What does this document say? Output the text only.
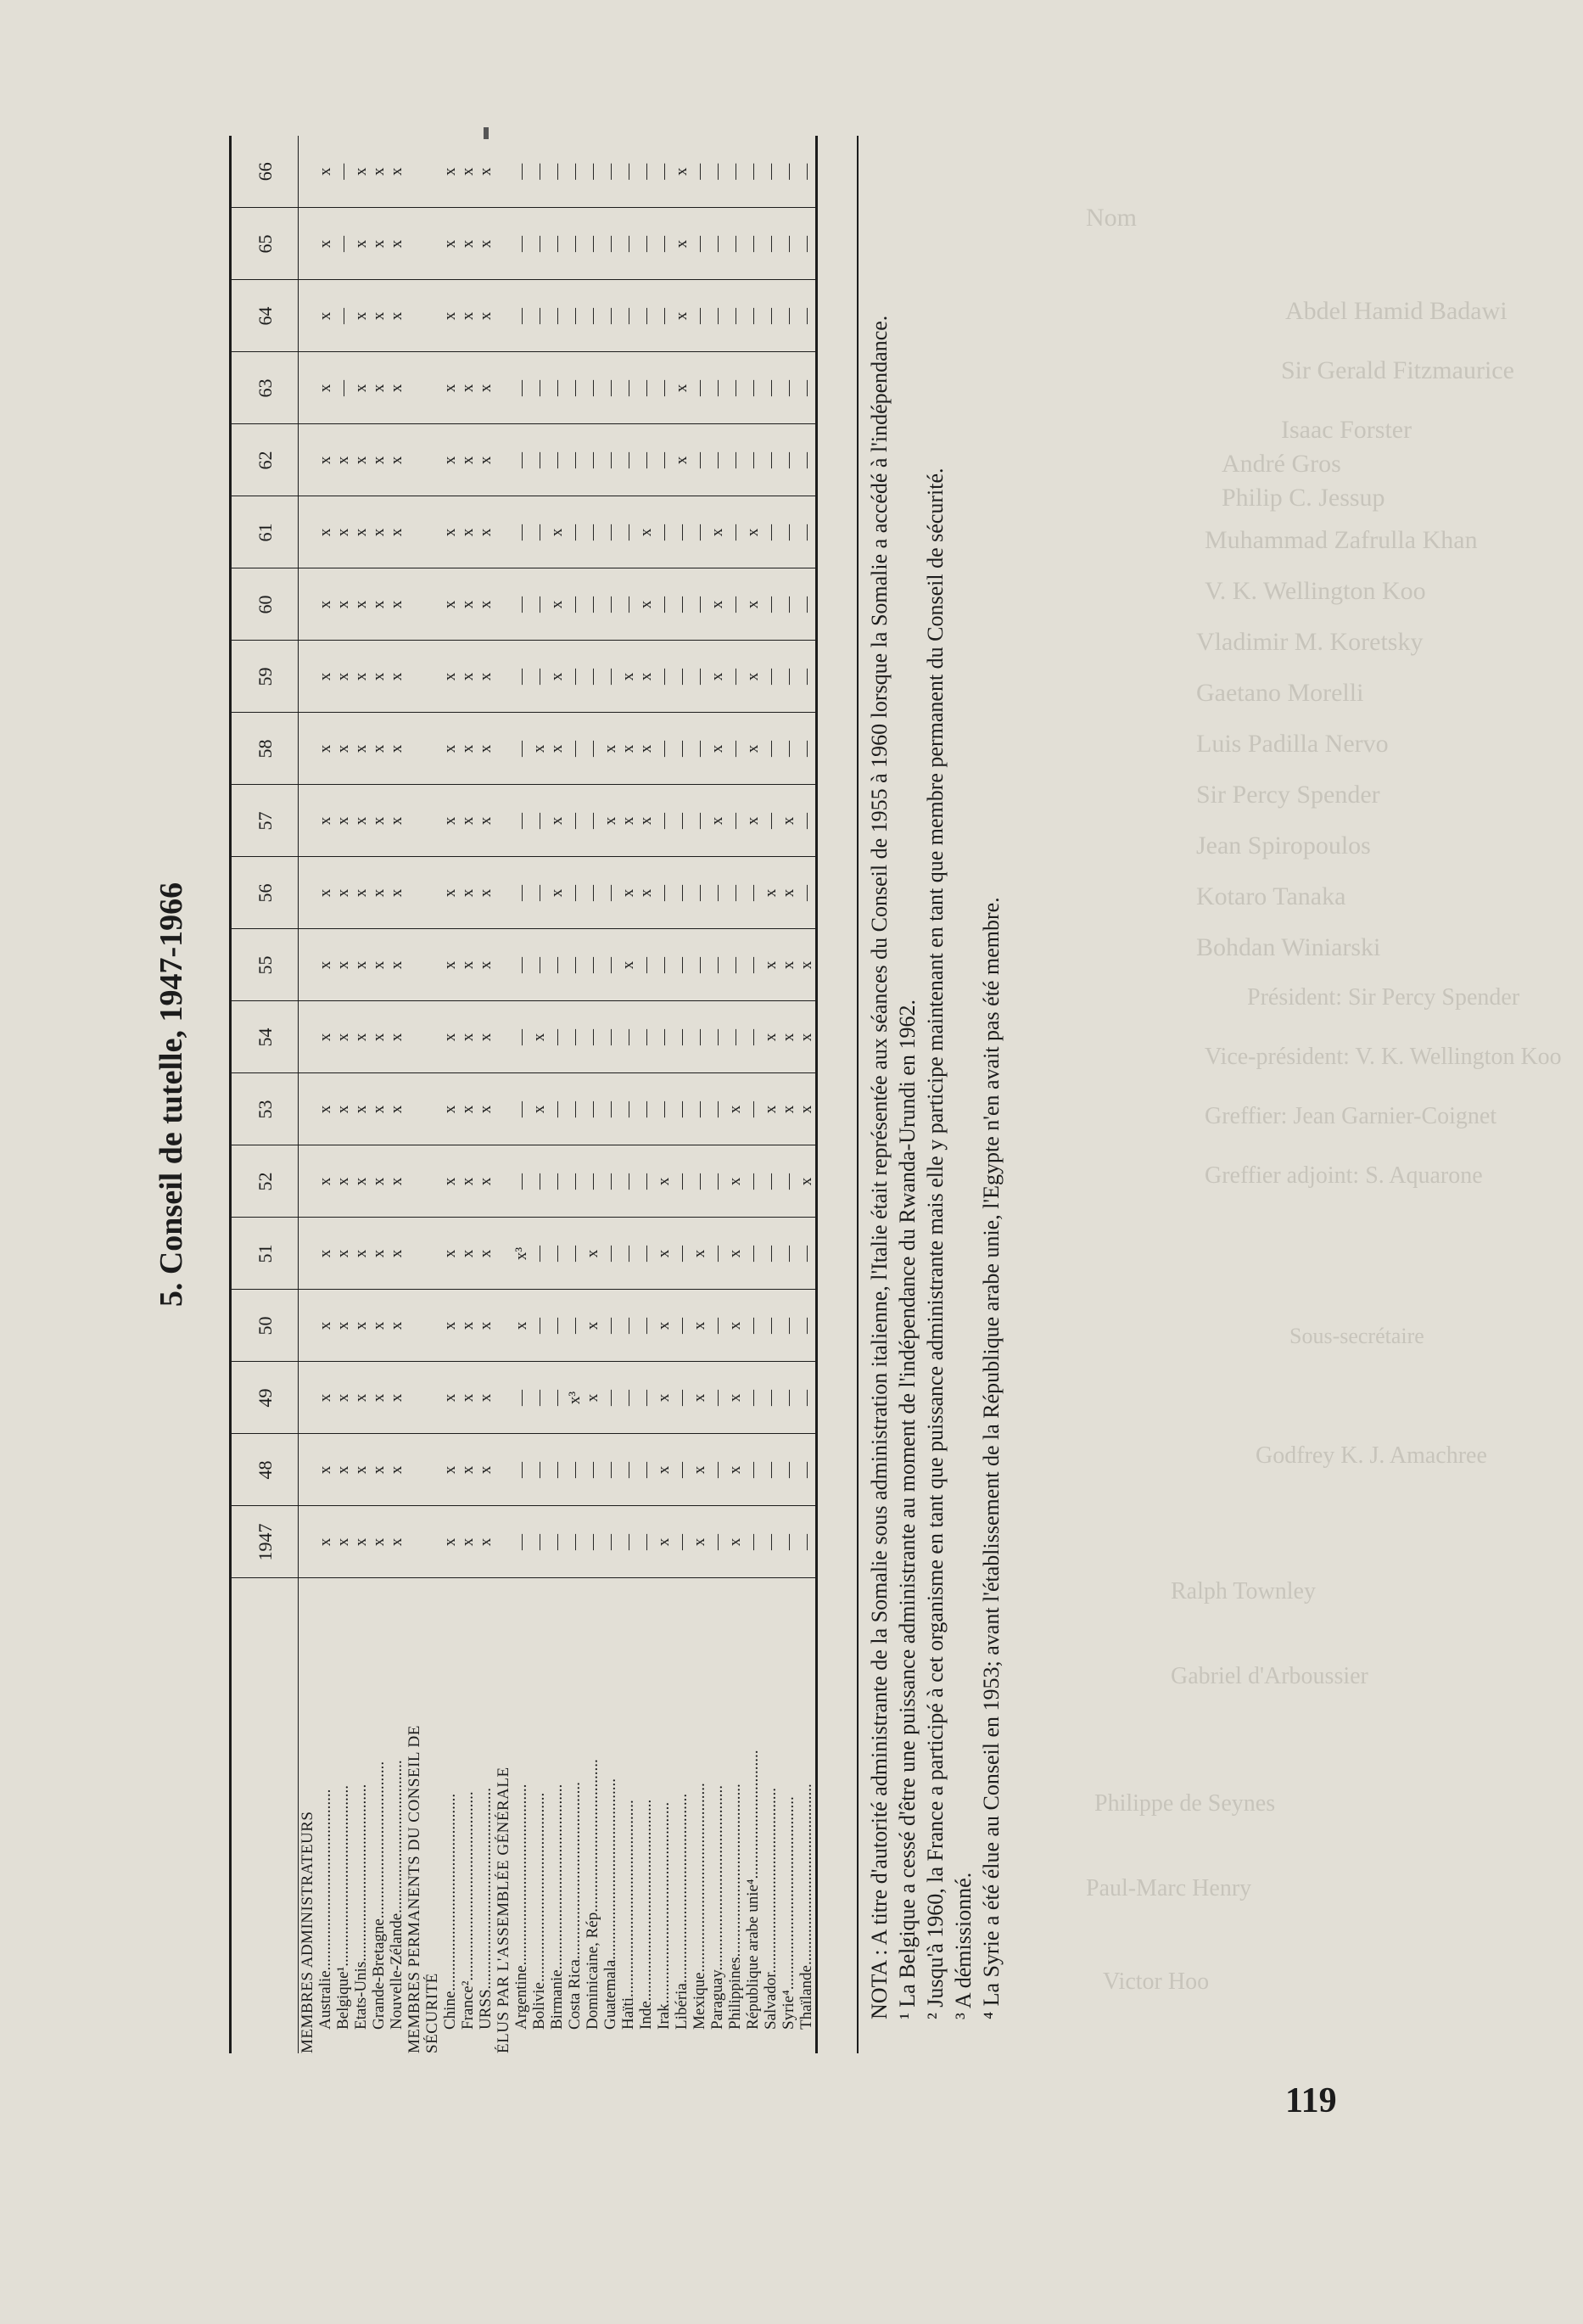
Nom
Abdel Hamid Badawi
Sir Gerald Fitzmaurice
Isaac Forster
André Gros
Philip C. Jessup
Muhammad Zafrulla Khan
V. K. Wellington Koo
Vladimir M. Koretsky
Gaetano Morelli
Luis Padilla Nervo
Sir Percy Spender
Jean Spiropoulos
Kotaro Tanaka
Bohdan Winiarski
Président: Sir Percy Spender
Vice-président: V. K. Wellington Koo
Greffier: Jean Garnier-Coignet
Greffier adjoint: S. Aquarone
Sous-secrétaire
Godfrey K. J. Amachree
Ralph Townley
Gabriel d'Arboussier
Philippe de Seynes
Paul-Marc Henry
Victor Hoo
5. Conseil de tutelle, 1947-1966
	1947	48	49	50	51	52	53	54	55	56	57	58	59	60	61	62	63	64	65	66
MEMBRES ADMINISTRATEURS																				
Australie.............................................	x	x	x	x	x	x	x	x	x	x	x	x	x	x	x	x	x	x	x	x
Belgique¹.............................................	x	x	x	x	x	x	x	x	x	x	x	x	x	x	x	x	—	—	—	—
Etats-Unis............................................	x	x	x	x	x	x	x	x	x	x	x	x	x	x	x	x	x	x	x	x
Grande-Bretagne.......................................	x	x	x	x	x	x	x	x	x	x	x	x	x	x	x	x	x	x	x	x
Nouvelle-Zélande......................................	x	x	x	x	x	x	x	x	x	x	x	x	x	x	x	x	x	x	x	x
MEMBRES PERMANENTS DU CONSEIL DE																				
SÉCURITÉ																				
Chine.................................................	x	x	x	x	x	x	x	x	x	x	x	x	x	x	x	x	x	x	x	x
France²...............................................	x	x	x	x	x	x	x	x	x	x	x	x	x	x	x	x	x	x	x	x
URSS..................................................	x	x	x	x	x	x	x	x	x	x	x	x	x	x	x	x	x	x	x	x
ÉLUS PAR L'ASSEMBLÉE GÉNÉRALE																				
Argentine.............................................	—	—	—	x	x³	—	—	—	—	—	—	—	—	—	—	—	—	—	—	—
Bolivie...............................................	—	—	—	—	—	—	x	x	—	—	—	x	—	—	—	—	—	—	—	—
Birmanie..............................................	—	—	—	—	—	—	—	—	—	x	x	x	x	x	x	—	—	—	—	—
Costa Rica............................................	—	—	x³	—	—	—	—	—	—	—	—	—	—	—	—	—	—	—	—	—
Dominicaine, Rép......................................	—	—	x	x	x	—	—	—	—	—	—	—	—	—	—	—	—	—	—	—
Guatemala.............................................	—	—	—	—	—	—	—	—	—	—	x	x	—	—	—	—	—	—	—	—
Haïti.................................................	—	—	—	—	—	—	—	—	x	x	x	x	x	—	—	—	—	—	—	—
Inde..................................................	—	—	—	—	—	—	—	—	—	x	x	x	x	x	x	—	—	—	—	—
Irak..................................................	x	x	x	x	x	x	—	—	—	—	—	—	—	—	—	—	—	—	—	—
Libéria...............................................	—	—	—	—	—	—	—	—	—	—	—	—	—	—	—	x	x	x	x	x
Mexique...............................................	x	x	x	x	x	—	—	—	—	—	—	—	—	—	—	—	—	—	—	—
Paraguay..............................................	—	—	—	—	—	—	—	—	—	—	x	x	x	x	x	—	—	—	—	—
Philippines...........................................	x	x	x	x	x	x	x	—	—	—	—	—	—	—	—	—	—	—	—	—
République arabe unie⁴................................	—	—	—	—	—	—	—	—	—	—	x	x	x	x	x	—	—	—	—	—
Salvador..............................................	—	—	—	—	—	—	x	x	x	x	—	—	—	—	—	—	—	—	—	—
Syrie⁴................................................	—	—	—	—	—	—	x	x	x	x	x	—	—	—	—	—	—	—	—	—
Thaïlande.............................................	—	—	—	—	—	x	x	x	x	—	—	—	—	—	—	—	—	—	—	—

NOTA : A titre d'autorité administrante de la Somalie sous administration italienne, l'Italie était représentée aux séances du Conseil de 1955 à 1960 lorsque la Somalie a accédé à l'indépendance. ¹ La Belgique a cessé d'être une puissance administrante au moment de l'indépendance du Rwanda-Urundi en 1962. ² Jusqu'à 1960, la France a participé à cet organisme en tant que puissance administrante mais elle y participe maintenant en tant que membre permanent du Conseil de sécurité. ³ A démissionné. ⁴ La Syrie a été élue au Conseil en 1953; avant l'établissement de la République arabe unie, l'Egypte n'en avait pas été membre.

119
